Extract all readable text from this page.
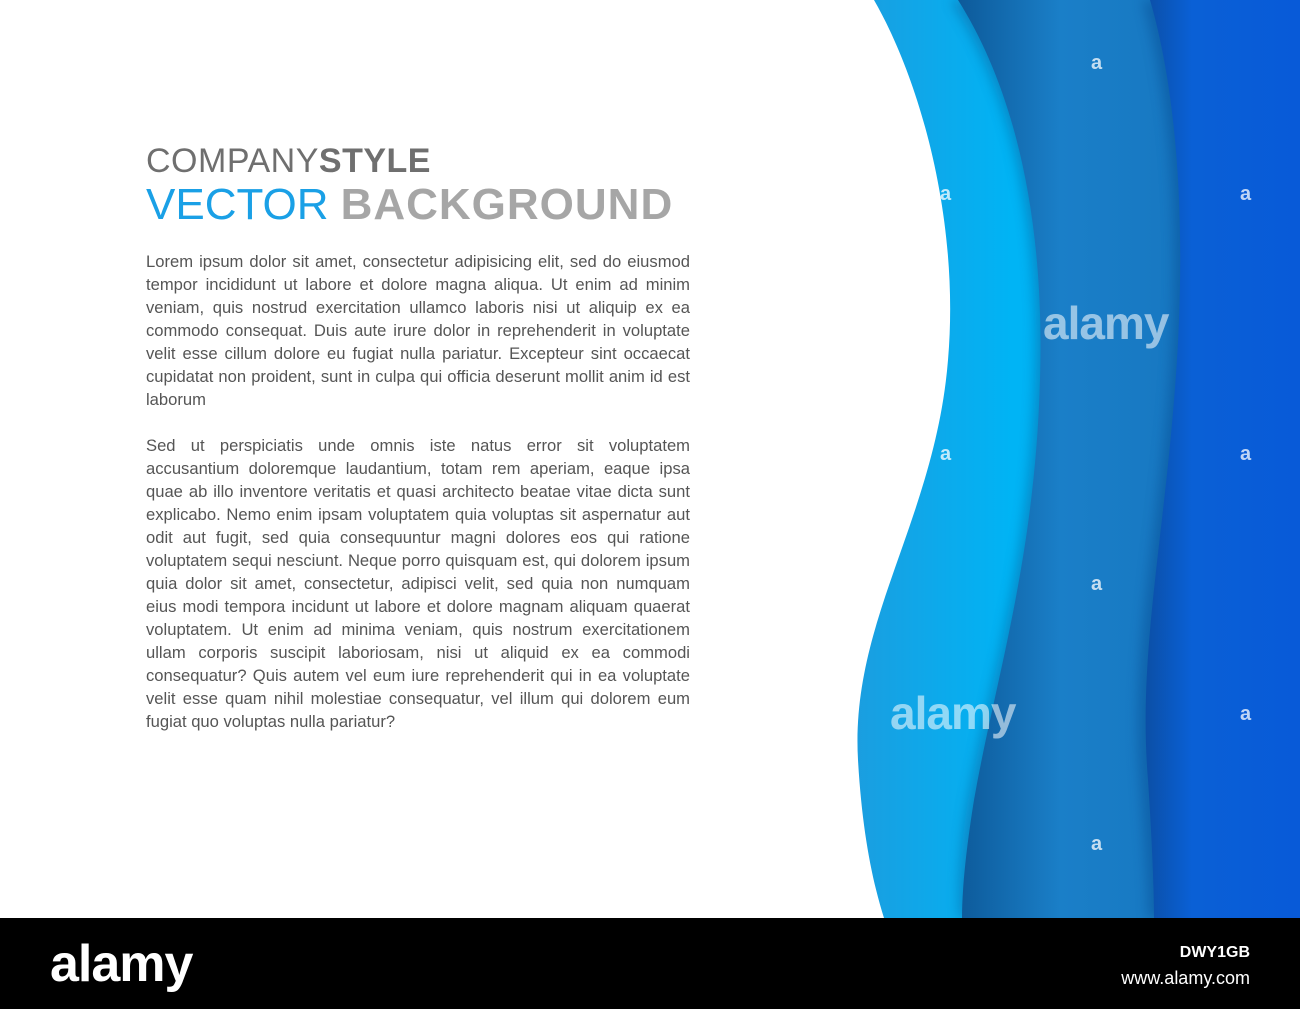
COMPANYSTYLE
VECTOR BACKGROUND

Lorem ipsum dolor sit amet, consectetur adipisicing elit, sed do eiusmod tempor incididunt ut labore et dolore magna aliqua. Ut enim ad minim veniam, quis nostrud exercitation ullamco laboris nisi ut aliquip ex ea commodo consequat. Duis aute irure dolor in reprehenderit in voluptate velit esse cillum dolore eu fugiat nulla pariatur. Excepteur sint occaecat cupidatat non proident, sunt in culpa qui officia deserunt mollit anim id est laborum

Sed ut perspiciatis unde omnis iste natus error sit voluptatem accusantium doloremque laudantium, totam rem aperiam, eaque ipsa quae ab illo inventore veritatis et quasi architecto beatae vitae dicta sunt explicabo. Nemo enim ipsam voluptatem quia voluptas sit aspernatur aut odit aut fugit, sed quia consequuntur magni dolores eos qui ratione voluptatem sequi nesciunt. Neque porro quisquam est, qui dolorem ipsum quia dolor sit amet, consectetur, adipisci velit, sed quia non numquam eius modi tempora incidunt ut labore et dolore magnam aliquam quaerat voluptatem. Ut enim ad minima veniam, quis nostrum exercitationem ullam corporis suscipit laboriosam, nisi ut aliquid ex ea commodi consequatur? Quis autem vel eum iure reprehenderit qui in ea voluptate velit esse quam nihil molestiae consequatur, vel illum qui dolorem eum fugiat quo voluptas nulla pariatur?

a
a	a
a	a
a
a
a
alamy
alamy
alamy	DWY1GB
www.alamy.com
